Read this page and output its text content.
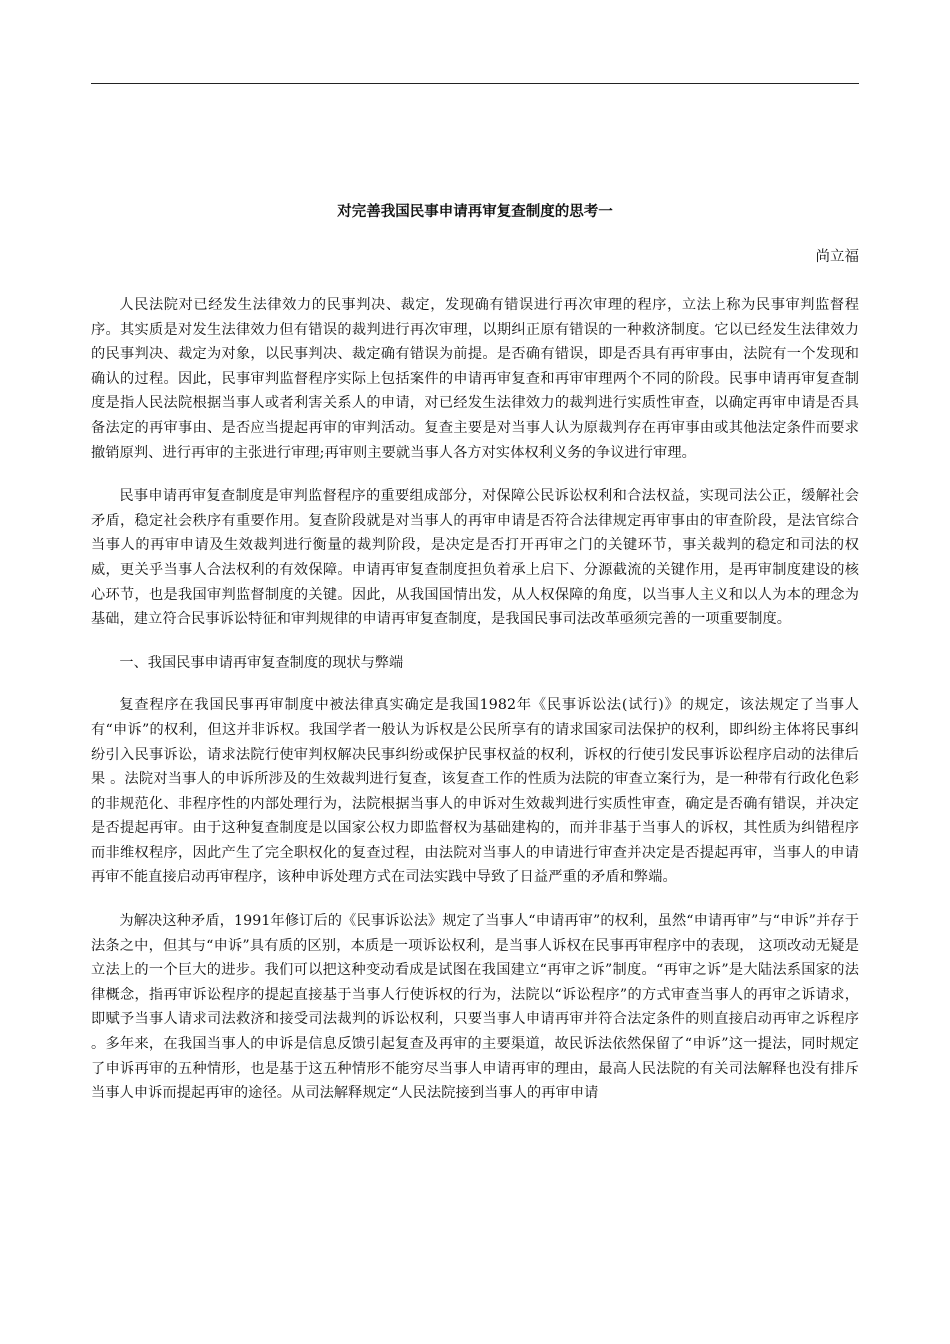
对完善我国民事申请再审复查制度的思考一
尚立福

人民法院对已经发生法律效力的民事判决、裁定，发现确有错误进行再次审理的程序，立法上称为民事审判监督程序。其实质是对发生法律效力但有错误的裁判进行再次审理，以期纠正原有错误的一种救济制度。它以已经发生法律效力的民事判决、裁定为对象，以民事判决、裁定确有错误为前提。是否确有错误，即是否具有再审事由，法院有一个发现和确认的过程。因此，民事审判监督程序实际上包括案件的申请再审复查和再审审理两个不同的阶段。民事申请再审复查制度是指人民法院根据当事人或者利害关系人的申请，对已经发生法律效力的裁判进行实质性审查，以确定再审申请是否具备法定的再审事由、是否应当提起再审的审判活动。复查主要是对当事人认为原裁判存在再审事由或其他法定条件而要求撤销原判、进行再审的主张进行审理;再审则主要就当事人各方对实体权利义务的争议进行审理。

民事申请再审复查制度是审判监督程序的重要组成部分，对保障公民诉讼权利和合法权益，实现司法公正，缓解社会矛盾，稳定社会秩序有重要作用。复查阶段就是对当事人的再审申请是否符合法律规定再审事由的审查阶段，是法官综合当事人的再审申请及生效裁判进行衡量的裁判阶段，是决定是否打开再审之门的关键环节，事关裁判的稳定和司法的权威，更关乎当事人合法权利的有效保障。申请再审复查制度担负着承上启下、分源截流的关键作用，是再审制度建设的核心环节，也是我国审判监督制度的关键。因此，从我国国情出发，从人权保障的角度，以当事人主义和以人为本的理念为基础，建立符合民事诉讼特征和审判规律的申请再审复查制度，是我国民事司法改革亟须完善的一项重要制度。

一、我国民事申请再审复查制度的现状与弊端

复查程序在我国民事再审制度中被法律真实确定是我国1982年《民事诉讼法(试行)》的规定，该法规定了当事人有“申诉”的权利，但这并非诉权。我国学者一般认为诉权是公民所享有的请求国家司法保护的权利，即纠纷主体将民事纠纷引入民事诉讼，请求法院行使审判权解决民事纠纷或保护民事权益的权利，诉权的行使引发民事诉讼程序启动的法律后果 。法院对当事人的申诉所涉及的生效裁判进行复查，该复查工作的性质为法院的审查立案行为，是一种带有行政化色彩的非规范化、非程序性的内部处理行为，法院根据当事人的申诉对生效裁判进行实质性审查，确定是否确有错误，并决定是否提起再审。由于这种复查制度是以国家公权力即监督权为基础建构的，而并非基于当事人的诉权，其性质为纠错程序而非维权程序，因此产生了完全职权化的复查过程，由法院对当事人的申请进行审查并决定是否提起再审，当事人的申请再审不能直接启动再审程序，该种申诉处理方式在司法实践中导致了日益严重的矛盾和弊端。

为解决这种矛盾，1991年修订后的《民事诉讼法》规定了当事人“申请再审”的权利，虽然“申请再审”与“申诉”并存于法条之中，但其与“申诉”具有质的区别，本质是一项诉讼权利，是当事人诉权在民事再审程序中的表现， 这项改动无疑是立法上的一个巨大的进步。我们可以把这种变动看成是试图在我国建立“再审之诉”制度。“再审之诉”是大陆法系国家的法律概念，指再审诉讼程序的提起直接基于当事人行使诉权的行为，法院以“诉讼程序”的方式审查当事人的再审之诉请求，即赋予当事人请求司法救济和接受司法裁判的诉讼权利，只要当事人申请再审并符合法定条件的则直接启动再审之诉程序 。多年来，在我国当事人的申诉是信息反馈引起复查及再审的主要渠道，故民诉法依然保留了“申诉”这一提法，同时规定了申诉再审的五种情形，也是基于这五种情形不能穷尽当事人申请再审的理由，最高人民法院的有关司法解释也没有排斥当事人申诉而提起再审的途径。从司法解释规定“人民法院接到当事人的再审申请
